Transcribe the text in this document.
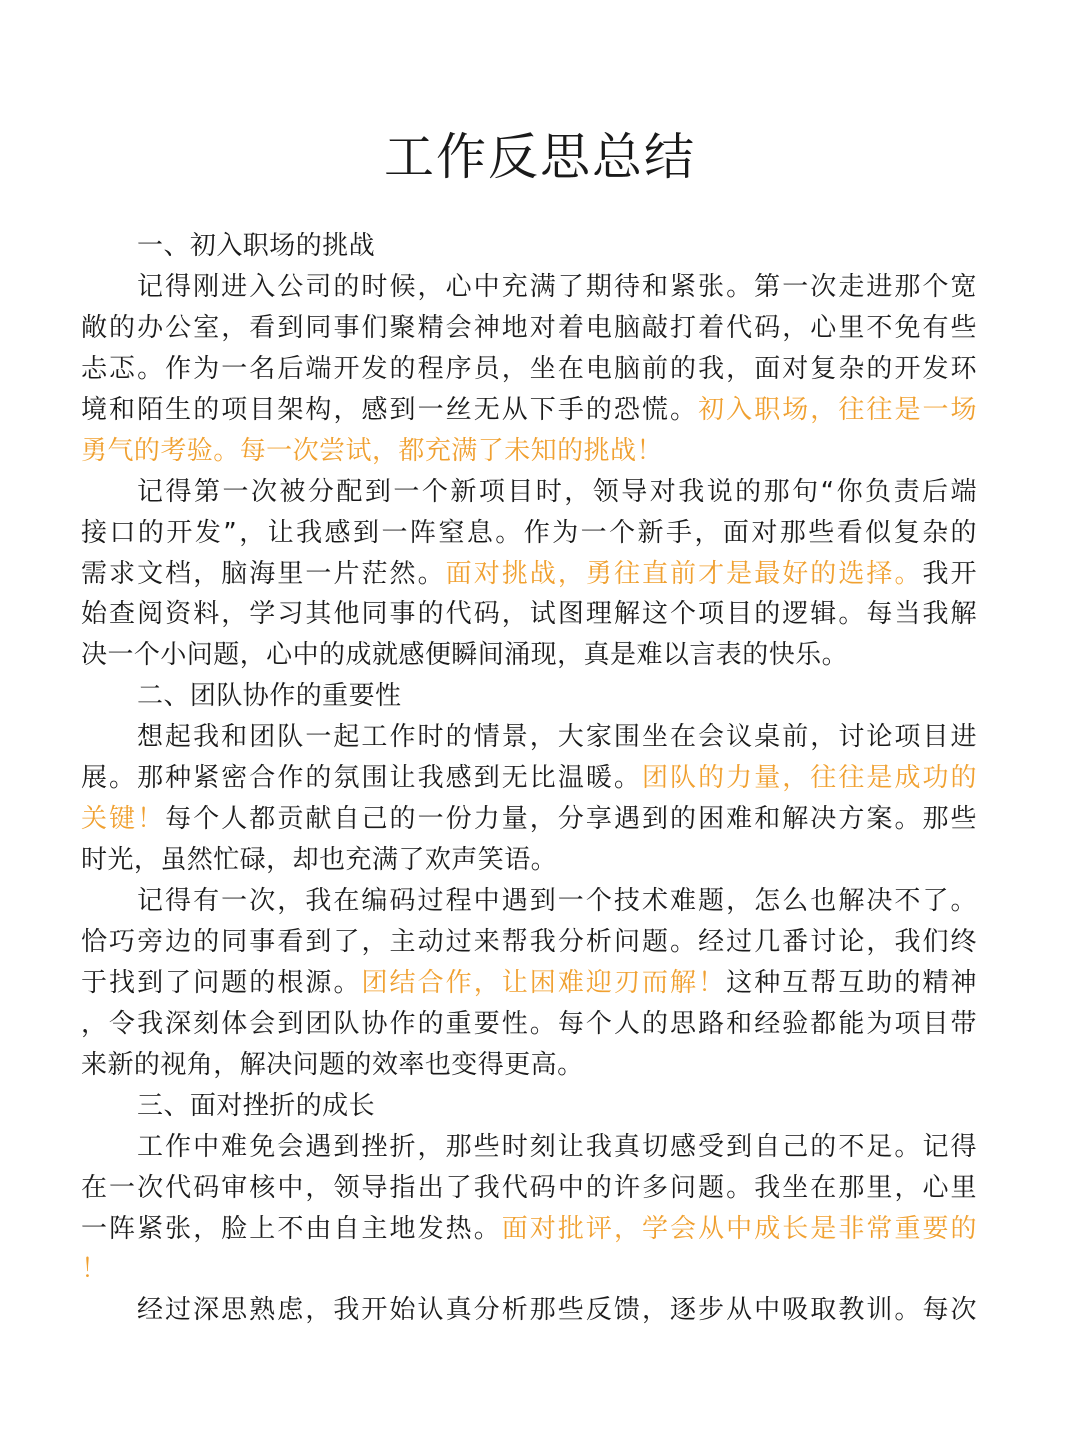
工作反思总结
一、初入职场的挑战
记得刚进入公司的时候，心中充满了期待和紧张。第一次走进那个宽
敞的办公室，看到同事们聚精会神地对着电脑敲打着代码，心里不免有些
忐忑。作为一名后端开发的程序员，坐在电脑前的我，面对复杂的开发环
境和陌生的项目架构，感到一丝无从下手的恐慌。初入职场，往往是一场
勇气的考验。每一次尝试，都充满了未知的挑战！
记得第一次被分配到一个新项目时，领导对我说的那句“你负责后端
接口的开发”，让我感到一阵窒息。作为一个新手，面对那些看似复杂的
需求文档，脑海里一片茫然。面对挑战，勇往直前才是最好的选择。我开
始查阅资料，学习其他同事的代码，试图理解这个项目的逻辑。每当我解
决一个小问题，心中的成就感便瞬间涌现，真是难以言表的快乐。
二、团队协作的重要性
想起我和团队一起工作时的情景，大家围坐在会议桌前，讨论项目进
展。那种紧密合作的氛围让我感到无比温暖。团队的力量，往往是成功的
关键！每个人都贡献自己的一份力量，分享遇到的困难和解决方案。那些
时光，虽然忙碌，却也充满了欢声笑语。
记得有一次，我在编码过程中遇到一个技术难题，怎么也解决不了。
恰巧旁边的同事看到了，主动过来帮我分析问题。经过几番讨论，我们终
于找到了问题的根源。团结合作，让困难迎刃而解！这种互帮互助的精神
，令我深刻体会到团队协作的重要性。每个人的思路和经验都能为项目带
来新的视角，解决问题的效率也变得更高。
三、面对挫折的成长
工作中难免会遇到挫折，那些时刻让我真切感受到自己的不足。记得
在一次代码审核中，领导指出了我代码中的许多问题。我坐在那里，心里
一阵紧张，脸上不由自主地发热。面对批评，学会从中成长是非常重要的
！
经过深思熟虑，我开始认真分析那些反馈，逐步从中吸取教训。每次
